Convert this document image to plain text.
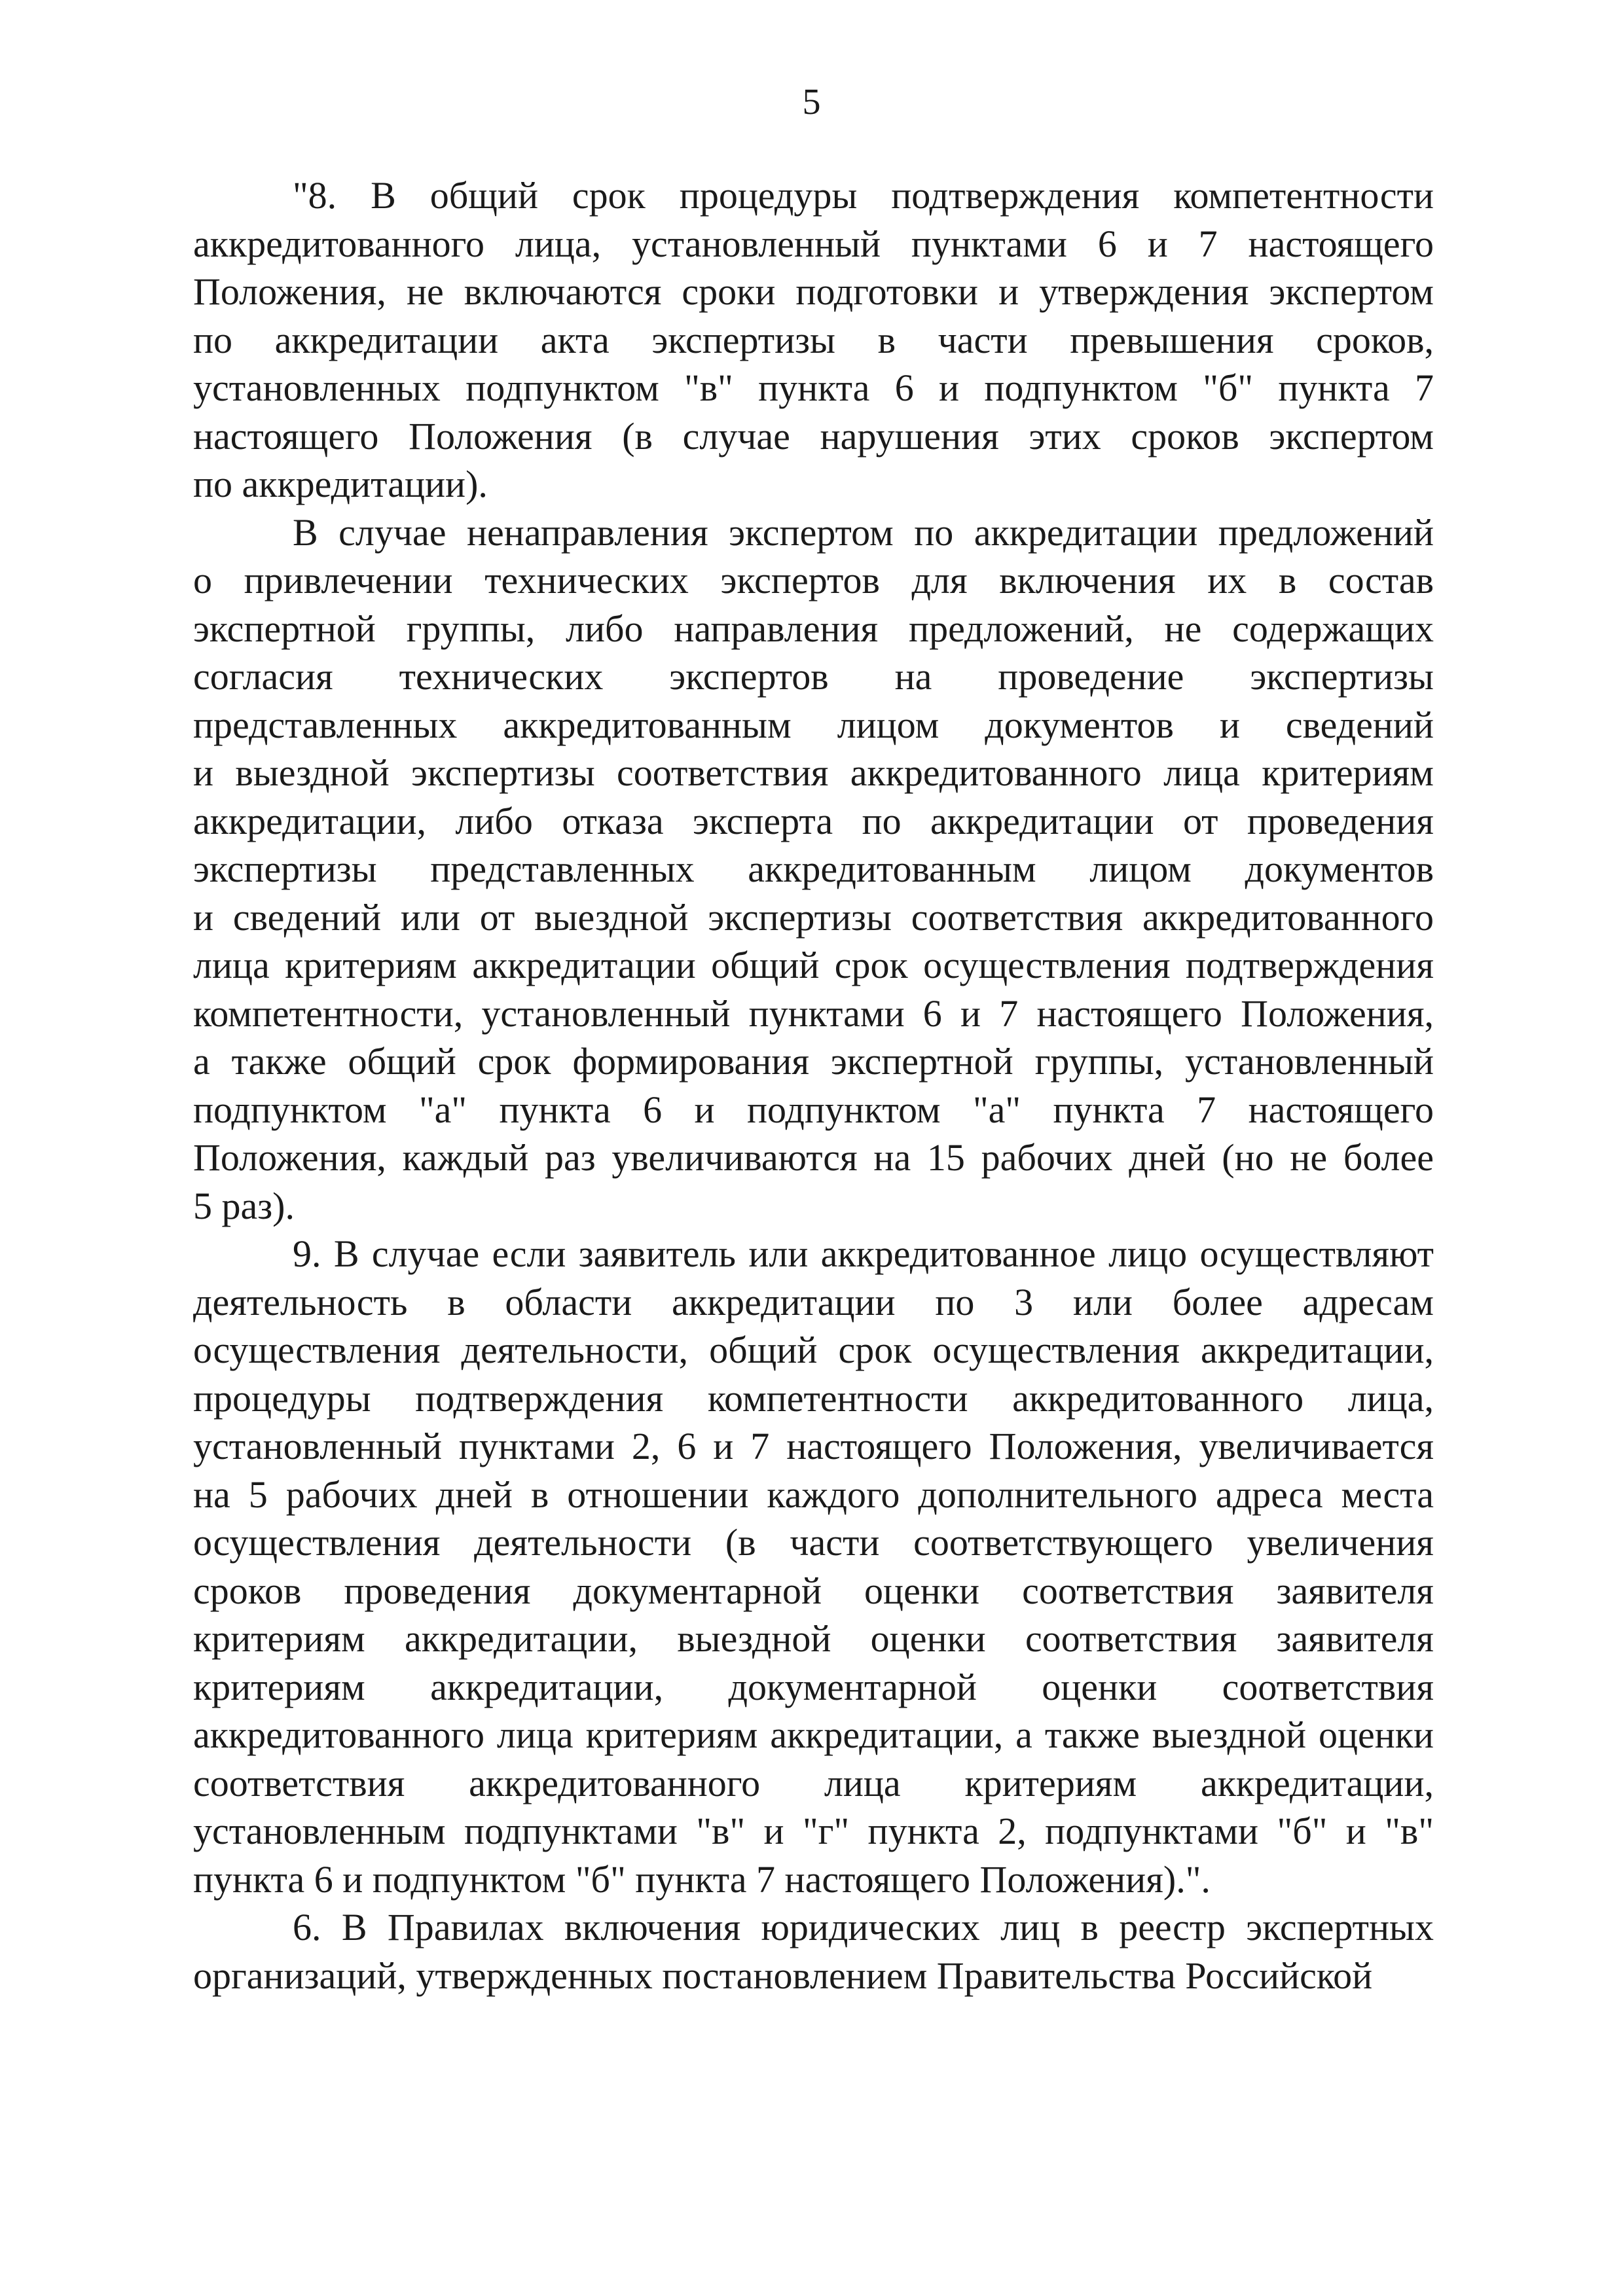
5
"8. В общий срок процедуры подтверждения компетентности
аккредитованного лица, установленный пунктами 6 и 7 настоящего
Положения, не включаются сроки подготовки и утверждения экспертом
по аккредитации акта экспертизы в части превышения сроков,
установленных подпунктом "в" пункта 6 и подпунктом "б" пункта 7
настоящего Положения (в случае нарушения этих сроков экспертом
по аккредитации).
В случае ненаправления экспертом по аккредитации предложений
о привлечении технических экспертов для включения их в состав
экспертной группы, либо направления предложений, не содержащих
согласия технических экспертов на проведение экспертизы
представленных аккредитованным лицом документов и сведений
и выездной экспертизы соответствия аккредитованного лица критериям
аккредитации, либо отказа эксперта по аккредитации от проведения
экспертизы представленных аккредитованным лицом документов
и сведений или от выездной экспертизы соответствия аккредитованного
лица критериям аккредитации общий срок осуществления подтверждения
компетентности, установленный пунктами 6 и 7 настоящего Положения,
а также общий срок формирования экспертной группы, установленный
подпунктом "а" пункта 6 и подпунктом "а" пункта 7 настоящего
Положения, каждый раз увеличиваются на 15 рабочих дней (но не более
5 раз).
9. В случае если заявитель или аккредитованное лицо осуществляют
деятельность в области аккредитации по 3 или более адресам
осуществления деятельности, общий срок осуществления аккредитации,
процедуры подтверждения компетентности аккредитованного лица,
установленный пунктами 2, 6 и 7 настоящего Положения, увеличивается
на 5 рабочих дней в отношении каждого дополнительного адреса места
осуществления деятельности (в части соответствующего увеличения
сроков проведения документарной оценки соответствия заявителя
критериям аккредитации, выездной оценки соответствия заявителя
критериям аккредитации, документарной оценки соответствия
аккредитованного лица критериям аккредитации, а также выездной оценки
соответствия аккредитованного лица критериям аккредитации,
установленным подпунктами "в" и "г" пункта 2, подпунктами "б" и "в"
пункта 6 и подпунктом "б" пункта 7 настоящего Положения).".
6. В Правилах включения юридических лиц в реестр экспертных
организаций, утвержденных постановлением Правительства Российской
